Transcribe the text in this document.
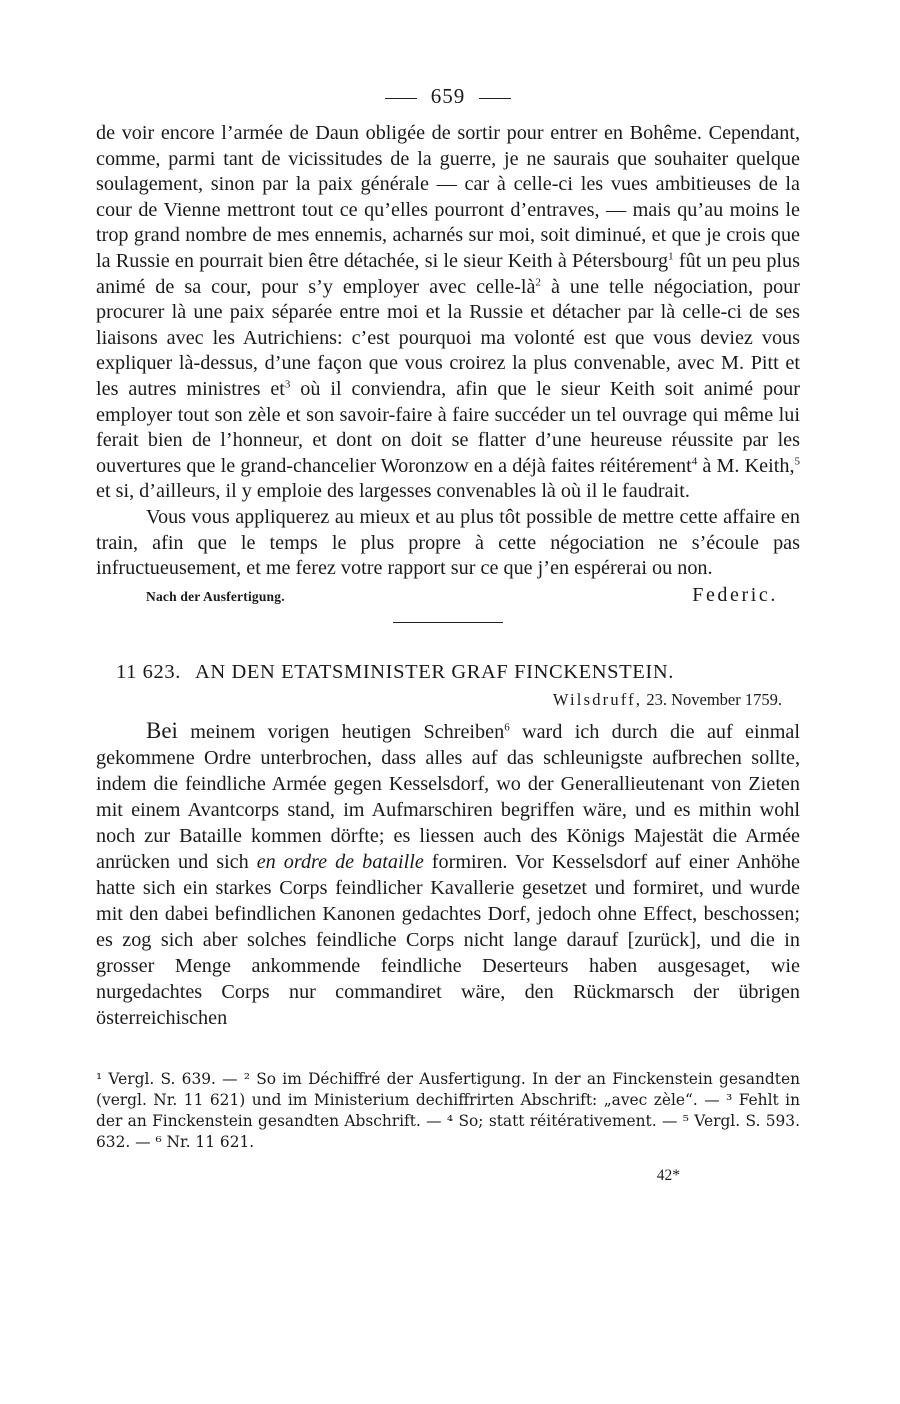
659

de voir encore l’armée de Daun obligée de sortir pour entrer en Bohême. Cependant, comme, parmi tant de vicissitudes de la guerre, je ne saurais que souhaiter quelque soulagement, sinon par la paix générale — car à celle-ci les vues ambitieuses de la cour de Vienne mettront tout ce qu’elles pourront d’entraves, — mais qu’au moins le trop grand nombre de mes ennemis, acharnés sur moi, soit diminué, et que je crois que la Russie en pourrait bien être détachée, si le sieur Keith à Pétersbourg$^1$ fût un peu plus animé de sa cour, pour s’y employer avec celle-$là^2$ à une telle négociation, pour procurer là une paix séparée entre moi et la Russie et détacher par là celle-ci de ses liaisons avec les Autrichiens: c’est pourquoi ma volonté est que vous deviez vous expliquer là-dessus, d’une façon que vous croirez la plus convenable, avec M. Pitt et les autres ministres $et^3$ où il conviendra, afin que le sieur Keith soit animé pour employer tout son zèle et son savoir-faire à faire succéder un tel ouvrage qui même lui ferait bien de l’honneur, et dont on doit se flatter d’une heureuse réussite par les ouvertures que le grand-chancelier Woronzow en a déjà faites réitérement$^4$ à M. Keith,$^5$ et si, d’ailleurs, il y emploie des largesses convenables là où il le faudrait.

Vous vous appliquerez au mieux et au plus tôt possible de mettre cette affaire en train, afin que le temps le plus propre à cette négociation ne s’écoule pas infructueusement, et me ferez votre rapport sur ce que j’en espérerai ou non.

Nach der Ausfertigung.	Federic.
11 623. AN DEN ETATSMINISTER GRAF FINCKENSTEIN.
Wilsdruff, 23. November 1759.

Bei meinem vorigen heutigen Schreiben$^6$ ward ich durch die auf einmal gekommene Ordre unterbrochen, dass alles auf das schleunigste aufbrechen sollte, indem die feindliche Armée gegen Kesselsdorf, wo der Generallieutenant von Zieten mit einem Avantcorps stand, im Aufmarschiren begriffen wäre, und es mithin wohl noch zur Bataille kommen dörfte; es liessen auch des Königs Majestät die Armée anrücken und sich en ordre de bataille formiren. Vor Kesselsdorf auf einer Anhöhe hatte sich ein starkes Corps feindlicher Kavallerie gesetzet und formiret, und wurde mit den dabei befindlichen Kanonen gedachtes Dorf, jedoch ohne Effect, beschossen; es zog sich aber solches feindliche Corps nicht lange darauf [zurück], und die in grosser Menge ankommende feindliche Deserteurs haben ausgesaget, wie nurgedachtes Corps nur commandiret wäre, den Rückmarsch der übrigen österreichischen

¹ Vergl. S. 639. — ² So im Déchiffré der Ausfertigung. In der an Finckenstein gesandten (vergl. Nr. 11 621) und im Ministerium dechiffrirten Abschrift: „avec zèle“. — ³ Fehlt in der an Finckenstein gesandten Abschrift. — ⁴ So; statt réitérativement. — ⁵ Vergl. S. 593. 632. — ⁶ Nr. 11 621.

42*
